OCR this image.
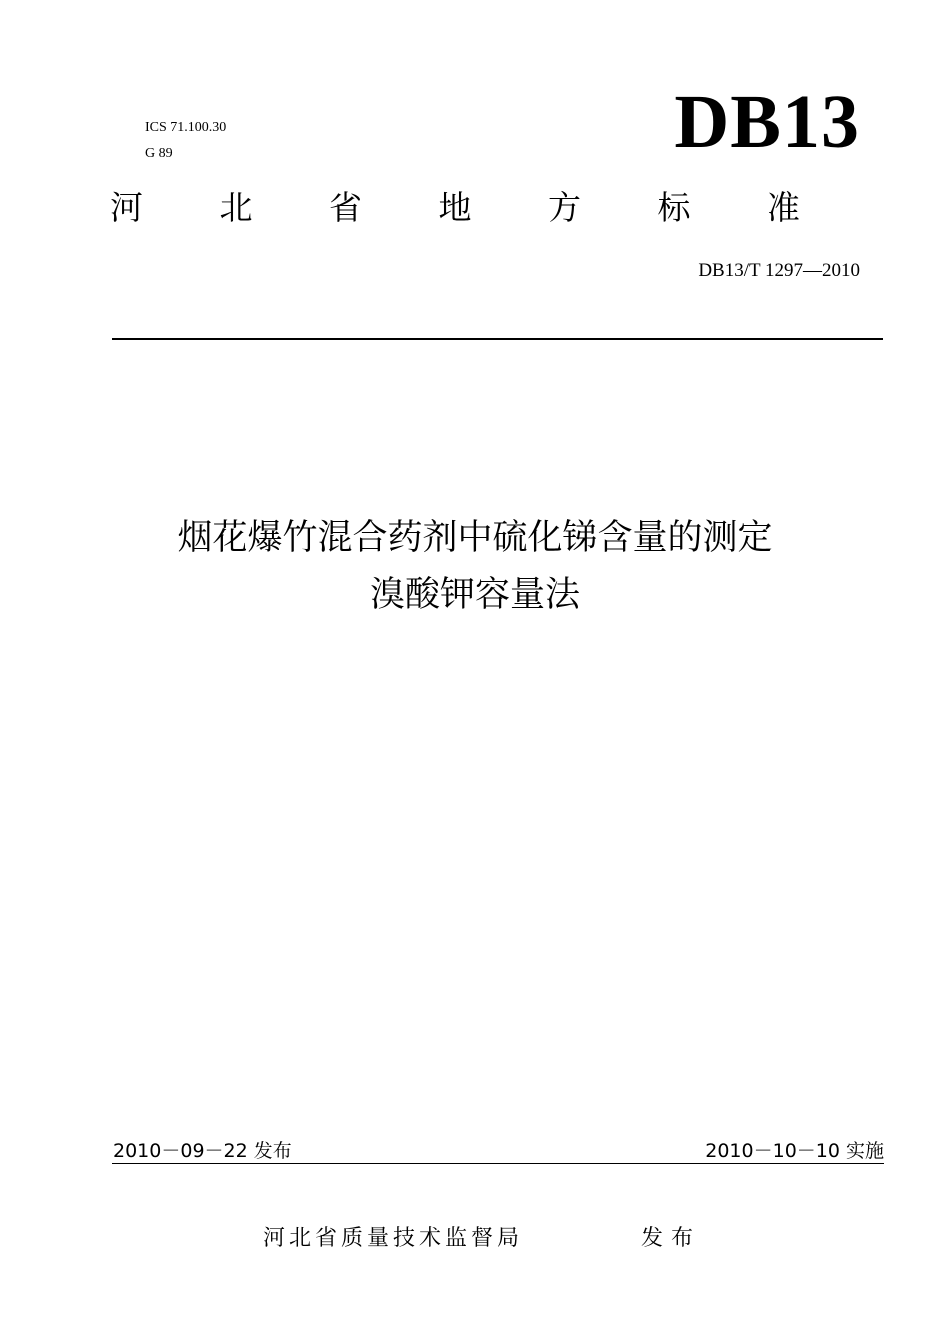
ICS 71.100.30
G 89	DB13
河 北 省 地 方 标 准
DB13/T 1297—2010
烟花爆竹混合药剂中硫化锑含量的测定
溴酸钾容量法
2010－09－22 发布	2010－10－10 实施
河北省质量技术监督局	发布
